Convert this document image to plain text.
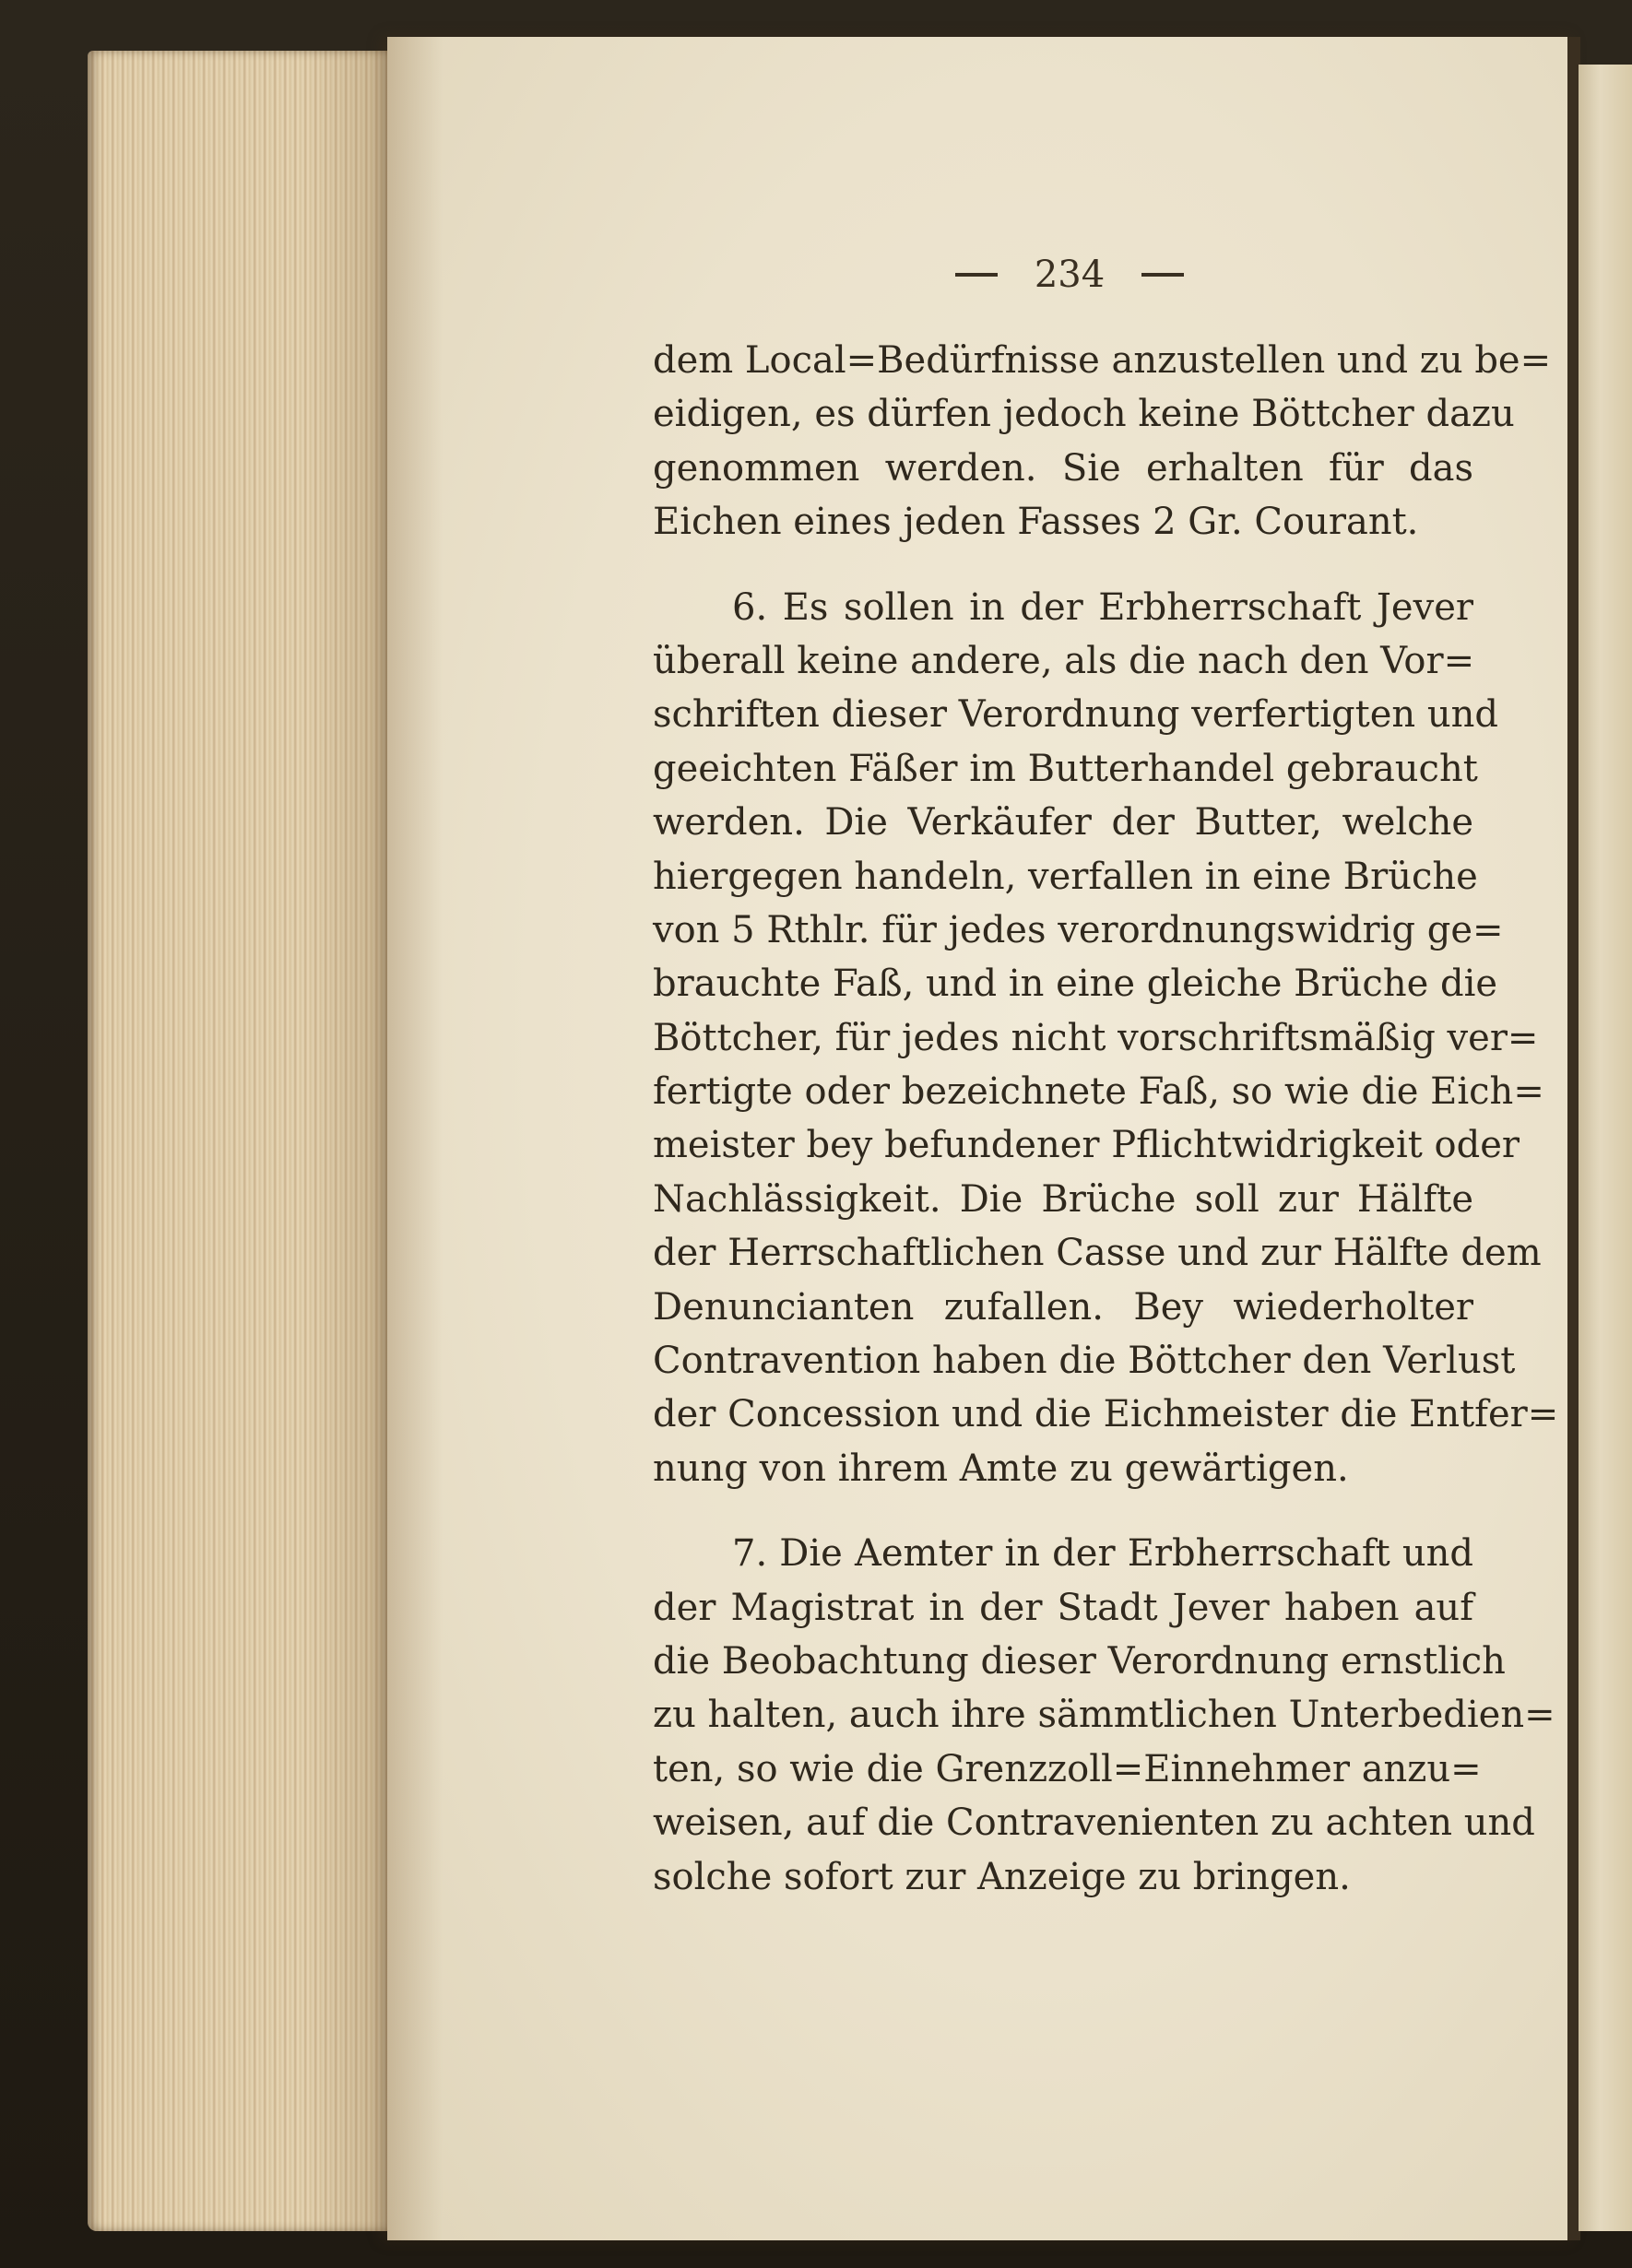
234
dem Local=Bedürfnisse anzustellen und zu be=
eidigen, es dürfen jedoch keine Böttcher dazu
genommen werden. Sie erhalten für das
Eichen eines jeden Fasses 2 Gr. Courant.
6. Es sollen in der Erbherrschaft Jever
überall keine andere, als die nach den Vor=
schriften dieser Verordnung verfertigten und
geeichten Fäßer im Butterhandel gebraucht
werden. Die Verkäufer der Butter, welche
hiergegen handeln, verfallen in eine Brüche
von 5 Rthlr. für jedes verordnungswidrig ge=
brauchte Faß, und in eine gleiche Brüche die
Böttcher, für jedes nicht vorschriftsmäßig ver=
fertigte oder bezeichnete Faß, so wie die Eich=
meister bey befundener Pflichtwidrigkeit oder
Nachlässigkeit. Die Brüche soll zur Hälfte
der Herrschaftlichen Casse und zur Hälfte dem
Denuncianten zufallen. Bey wiederholter
Contravention haben die Böttcher den Verlust
der Concession und die Eichmeister die Entfer=
nung von ihrem Amte zu gewärtigen.
7. Die Aemter in der Erbherrschaft und
der Magistrat in der Stadt Jever haben auf
die Beobachtung dieser Verordnung ernstlich
zu halten, auch ihre sämmtlichen Unterbedien=
ten, so wie die Grenzzoll=Einnehmer anzu=
weisen, auf die Contravenienten zu achten und
solche sofort zur Anzeige zu bringen.
